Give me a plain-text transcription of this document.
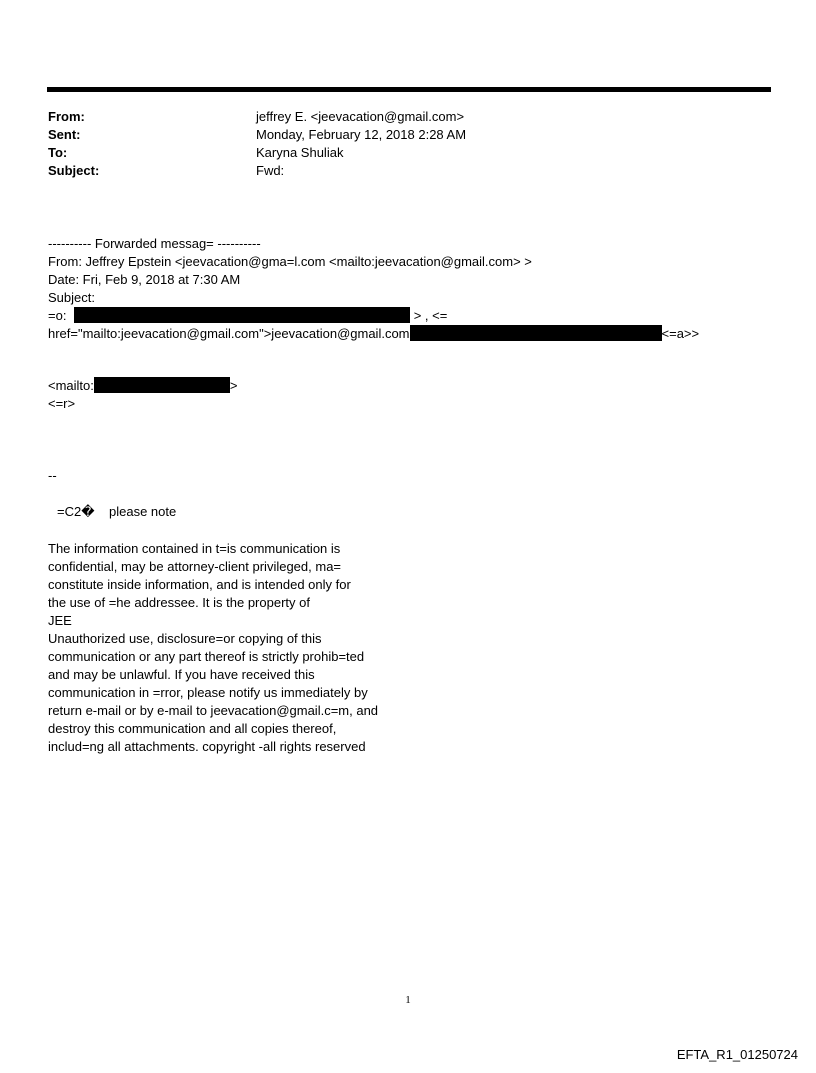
From:	jeffrey E. <jeevacation@gmail.com>
Sent:	Monday, February 12, 2018 2:28 AM
To:	Karyna Shuliak
Subject:	Fwd:
---------- Forwarded messag= ----------
From: Jeffrey Epstein <jeevacation@gma=l.com <mailto:jeevacation@gmail.com> >
Date: Fri, Feb 9, 2018 at 7:30 AM
Subject:
=o:	> , <=
href="mailto:jeevacation@gmail.com">jeevacation@gmail.com	<=a>>
<mailto:	>
<=r>
--
=C2�    please note
The information contained in t=is communication is
confidential, may be attorney-client privileged, ma=
constitute inside information, and is intended only for
the use of =he addressee. It is the property of
JEE
Unauthorized use, disclosure=or copying of this
communication or any part thereof is strictly prohib=ted
and may be unlawful. If you have received this
communication in =rror, please notify us immediately by
return e-mail or by e-mail to jeevacation@gmail.c=m, and
destroy this communication and all copies thereof,
includ=ng all attachments. copyright -all rights reserved
1
EFTA_R1_01250724
